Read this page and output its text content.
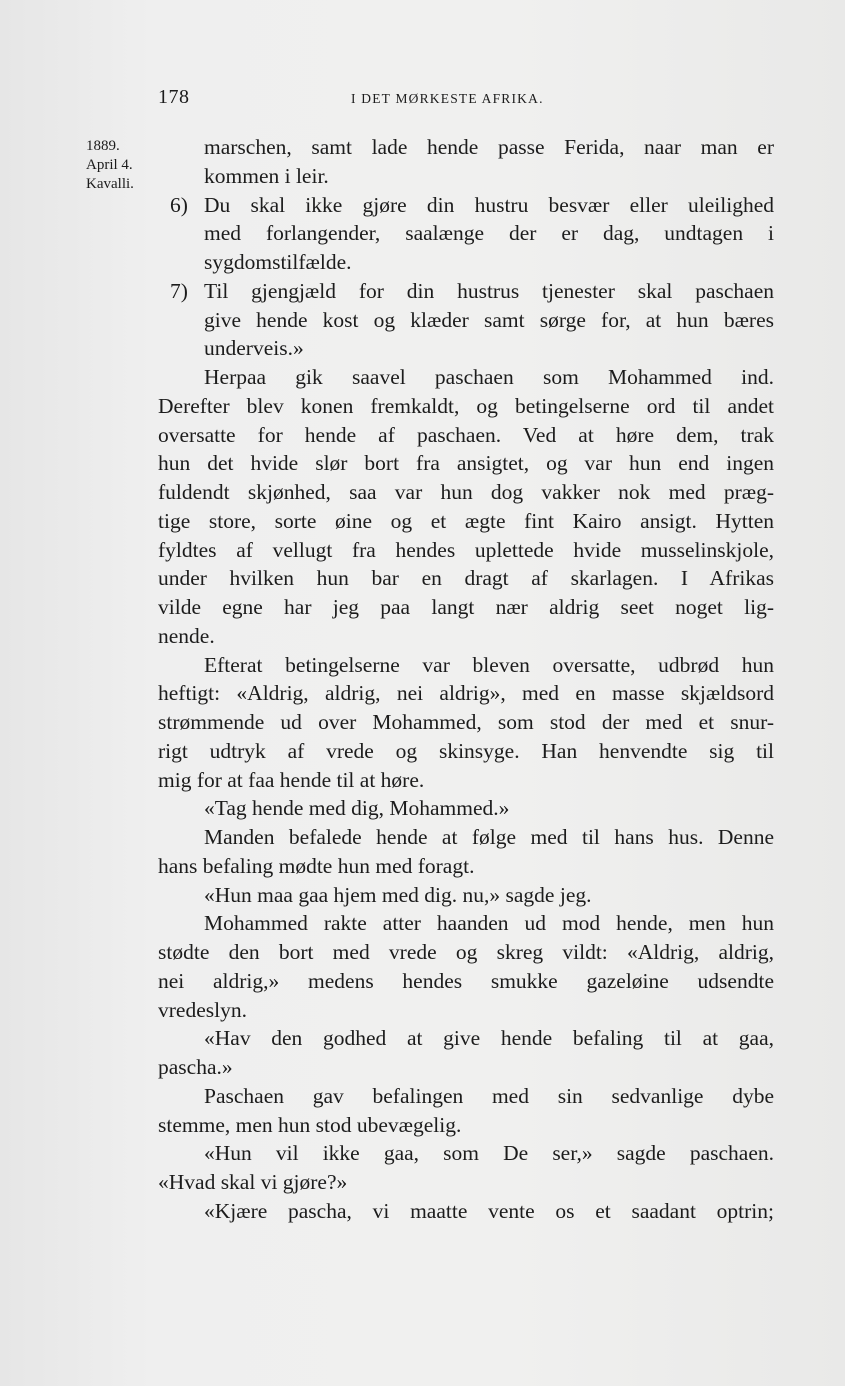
178	I DET MØRKESTE AFRIKA.
1889.
April 4.
Kavalli.
marschen, samt lade hende passe Ferida, naar man er
kommen i leir.
6) Du skal ikke gjøre din hustru besvær eller uleilighed
med forlangender, saalænge der er dag, undtagen i
sygdomstilfælde.
7) Til gjengjæld for din hustrus tjenester skal paschaen
give hende kost og klæder samt sørge for, at hun bæres
underveis.»
Herpaa gik saavel paschaen som Mohammed ind.
Derefter blev konen fremkaldt, og betingelserne ord til andet
oversatte for hende af paschaen. Ved at høre dem, trak
hun det hvide slør bort fra ansigtet, og var hun end ingen
fuldendt skjønhed, saa var hun dog vakker nok med præg-
tige store, sorte øine og et ægte fint Kairo ansigt. Hytten
fyldtes af vellugt fra hendes uplettede hvide musselinskjole,
under hvilken hun bar en dragt af skarlagen. I Afrikas
vilde egne har jeg paa langt nær aldrig seet noget lig-
nende.
Efterat betingelserne var bleven oversatte, udbrød hun
heftigt: «Aldrig, aldrig, nei aldrig», med en masse skjældsord
strømmende ud over Mohammed, som stod der med et snur-
rigt udtryk af vrede og skinsyge. Han henvendte sig til
mig for at faa hende til at høre.
«Tag hende med dig, Mohammed.»
Manden befalede hende at følge med til hans hus. Denne
hans befaling mødte hun med foragt.
«Hun maa gaa hjem med dig. nu,» sagde jeg.
Mohammed rakte atter haanden ud mod hende, men hun
stødte den bort med vrede og skreg vildt: «Aldrig, aldrig,
nei aldrig,» medens hendes smukke gazeløine udsendte
vredeslyn.
«Hav den godhed at give hende befaling til at gaa,
pascha.»
Paschaen gav befalingen med sin sedvanlige dybe
stemme, men hun stod ubevægelig.
«Hun vil ikke gaa, som De ser,» sagde paschaen.
«Hvad skal vi gjøre?»
«Kjære pascha, vi maatte vente os et saadant optrin;
